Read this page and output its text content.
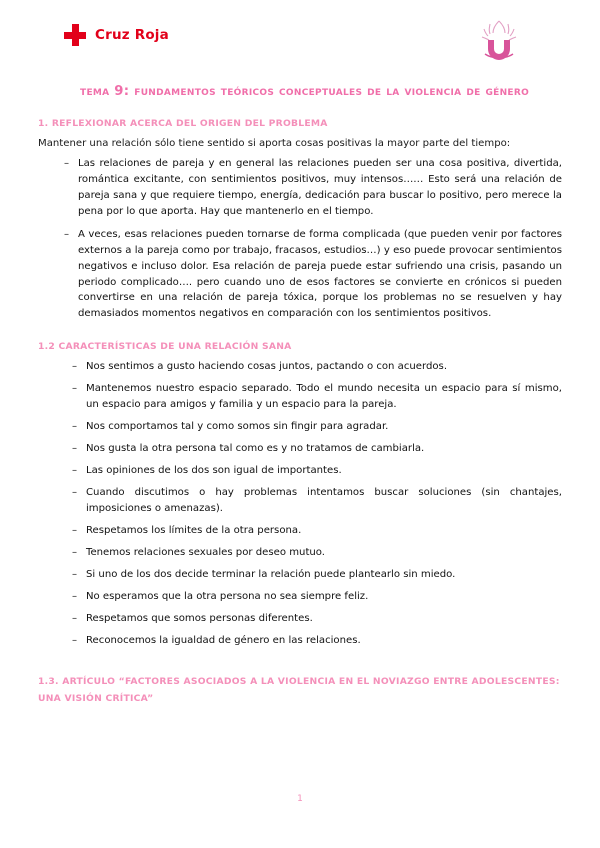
Cruz Roja
tema 9: fundamentos teóricos conceptuales de la violencia de género
1. REFLEXIONAR ACERCA DEL ORIGEN DEL PROBLEMA

Mantener una relación sólo tiene sentido si aporta cosas positivas la mayor parte del tiempo:

– Las relaciones de pareja y en general las relaciones pueden ser una cosa positiva, divertida, romántica excitante, con sentimientos positivos, muy intensos…… Esto será una relación de pareja sana y que requiere tiempo, energía, dedicación para buscar lo positivo, pero merece la pena por lo que aporta. Hay que mantenerlo en el tiempo.
– A veces, esas relaciones pueden tornarse de forma complicada (que pueden venir por factores externos a la pareja como por trabajo, fracasos, estudios…) y eso puede provocar sentimientos negativos e incluso dolor. Esa relación de pareja puede estar sufriendo una crisis, pasando un periodo complicado…. pero cuando uno de esos factores se convierte en crónicos si pueden convertirse en una relación de pareja tóxica, porque los problemas no se resuelven y hay demasiados momentos negativos en comparación con los sentimientos positivos.
1.2 CARACTERÍSTICAS DE UNA RELACIÓN SANA
– Nos sentimos a gusto haciendo cosas juntos, pactando o con acuerdos.
– Mantenemos nuestro espacio separado. Todo el mundo necesita un espacio para sí mismo, un espacio para amigos y familia y un espacio para la pareja.
– Nos comportamos tal y como somos sin fingir para agradar.
– Nos gusta la otra persona tal como es y no tratamos de cambiarla.
– Las opiniones de los dos son igual de importantes.
– Cuando discutimos o hay problemas intentamos buscar soluciones (sin chantajes, imposiciones o amenazas).
– Respetamos los límites de la otra persona.
– Tenemos relaciones sexuales por deseo mutuo.
– Si uno de los dos decide terminar la relación puede plantearlo sin miedo.
– No esperamos que la otra persona no sea siempre feliz.
– Respetamos que somos personas diferentes.
– Reconocemos la igualdad de género en las relaciones.
1.3. ARTÍCULO “FACTORES ASOCIADOS A LA VIOLENCIA EN EL NOVIAZGO ENTRE ADOLESCENTES: UNA VISIÓN CRÍTICA”
1
